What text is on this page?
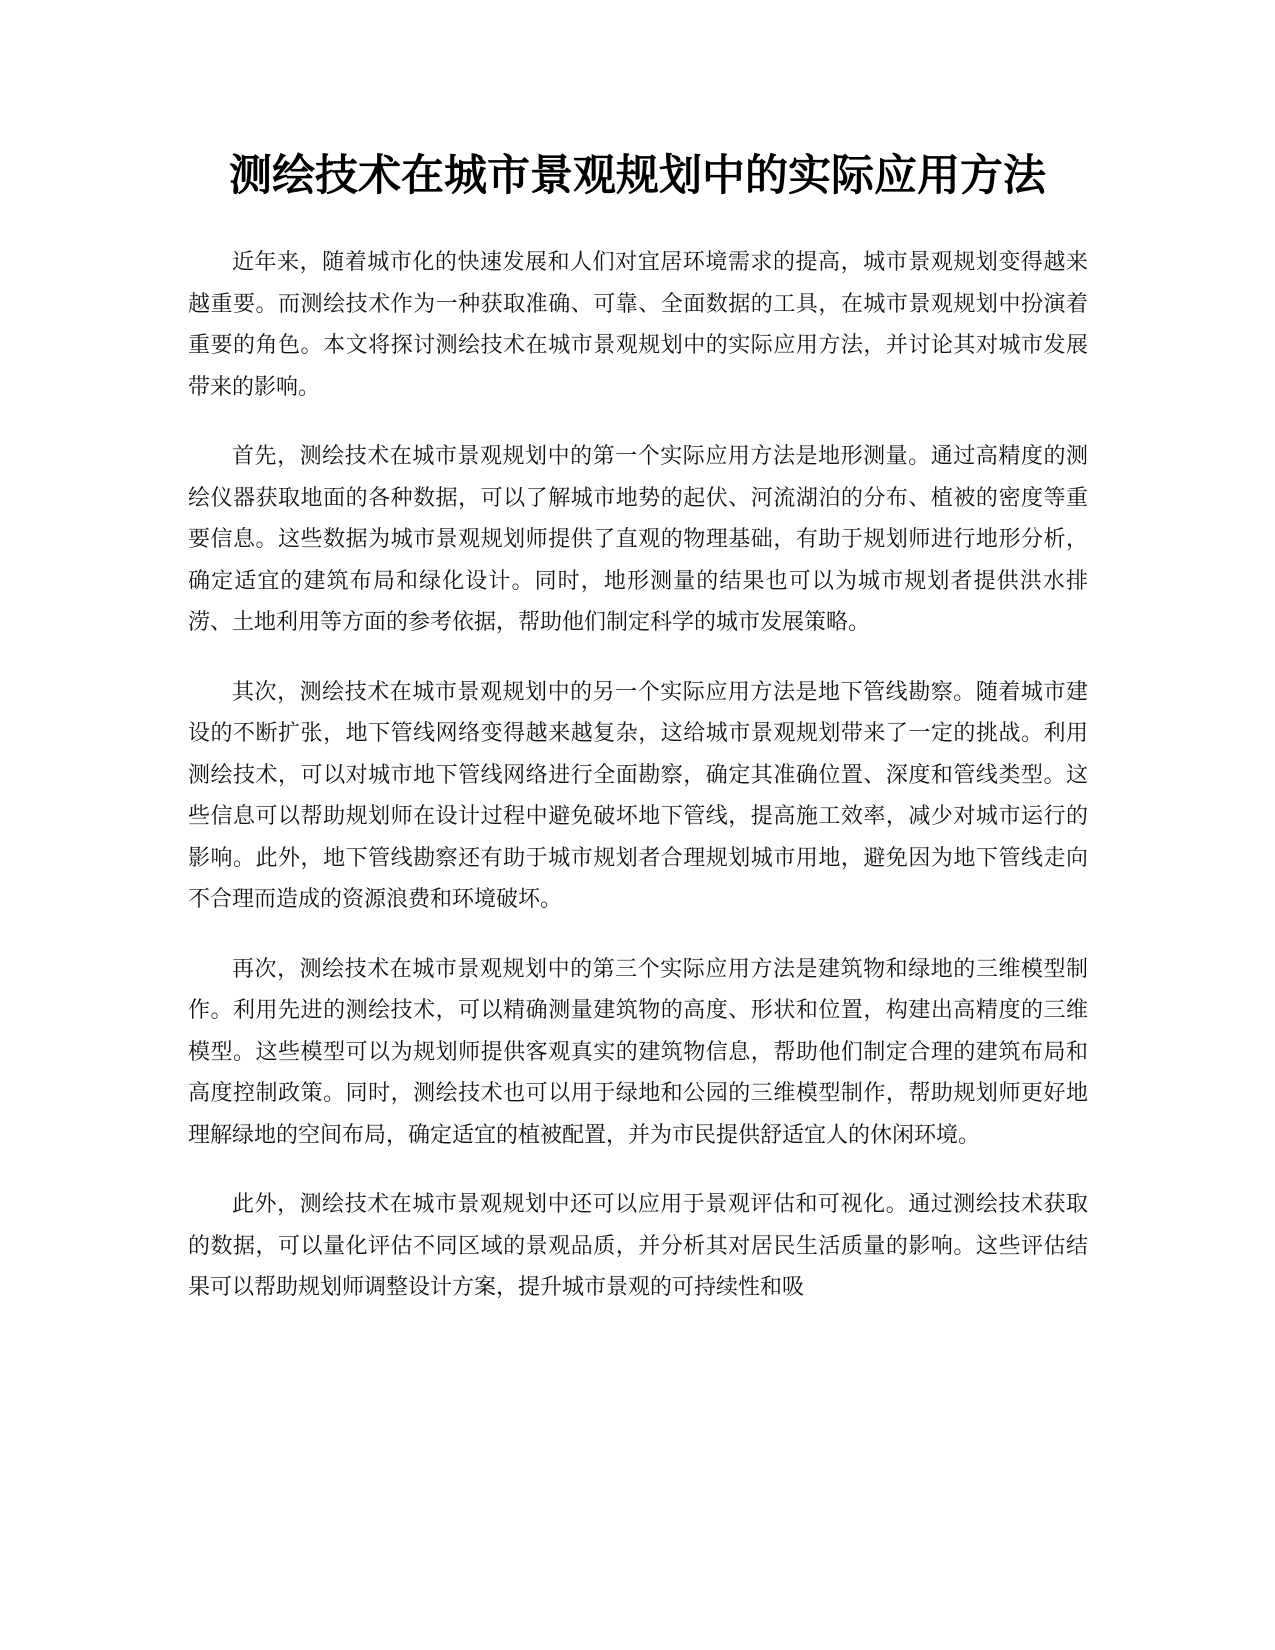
测绘技术在城市景观规划中的实际应用方法

近年来，随着城市化的快速发展和人们对宜居环境需求的提高，城市景观规划变得越来越重要。而测绘技术作为一种获取准确、可靠、全面数据的工具，在城市景观规划中扮演着重要的角色。本文将探讨测绘技术在城市景观规划中的实际应用方法，并讨论其对城市发展带来的影响。

首先，测绘技术在城市景观规划中的第一个实际应用方法是地形测量。通过高精度的测绘仪器获取地面的各种数据，可以了解城市地势的起伏、河流湖泊的分布、植被的密度等重要信息。这些数据为城市景观规划师提供了直观的物理基础，有助于规划师进行地形分析，确定适宜的建筑布局和绿化设计。同时，地形测量的结果也可以为城市规划者提供洪水排涝、土地利用等方面的参考依据，帮助他们制定科学的城市发展策略。

其次，测绘技术在城市景观规划中的另一个实际应用方法是地下管线勘察。随着城市建设的不断扩张，地下管线网络变得越来越复杂，这给城市景观规划带来了一定的挑战。利用测绘技术，可以对城市地下管线网络进行全面勘察，确定其准确位置、深度和管线类型。这些信息可以帮助规划师在设计过程中避免破坏地下管线，提高施工效率，减少对城市运行的影响。此外，地下管线勘察还有助于城市规划者合理规划城市用地，避免因为地下管线走向不合理而造成的资源浪费和环境破坏。

再次，测绘技术在城市景观规划中的第三个实际应用方法是建筑物和绿地的三维模型制作。利用先进的测绘技术，可以精确测量建筑物的高度、形状和位置，构建出高精度的三维模型。这些模型可以为规划师提供客观真实的建筑物信息，帮助他们制定合理的建筑布局和高度控制政策。同时，测绘技术也可以用于绿地和公园的三维模型制作，帮助规划师更好地理解绿地的空间布局，确定适宜的植被配置，并为市民提供舒适宜人的休闲环境。

此外，测绘技术在城市景观规划中还可以应用于景观评估和可视化。通过测绘技术获取的数据，可以量化评估不同区域的景观品质，并分析其对居民生活质量的影响。这些评估结果可以帮助规划师调整设计方案，提升城市景观的可持续性和吸
